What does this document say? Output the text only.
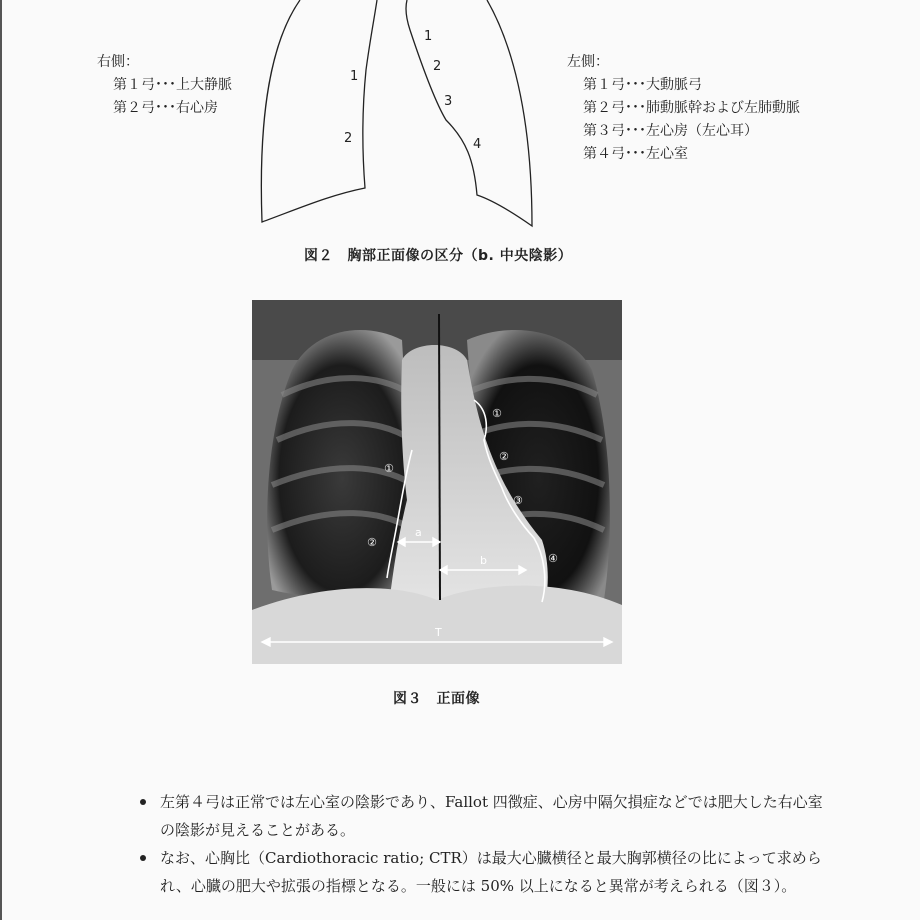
1
2
1
2
3
4
右側：
第１弓･･･上大静脈
第２弓･･･右心房
左側：
第１弓･･･大動脈弓
第２弓･･･肺動脈幹および左肺動脈
第３弓･･･左心房（左心耳）
第４弓･･･左心室
図２　胸部正面像の区分（b. 中央陰影）
①
②
①
②
③
④
a
b
T
図３　正面像
左第４弓は正常では左心室の陰影であり、Fallot 四徴症、心房中隔欠損症などでは肥大した右心室の陰影が見えることがある。
なお、心胸比（Cardiothoracic ratio; CTR）は最大心臓横径と最大胸郭横径の比によって求められ、心臓の肥大や拡張の指標となる。一般には 50% 以上になると異常が考えられる（図３）。
